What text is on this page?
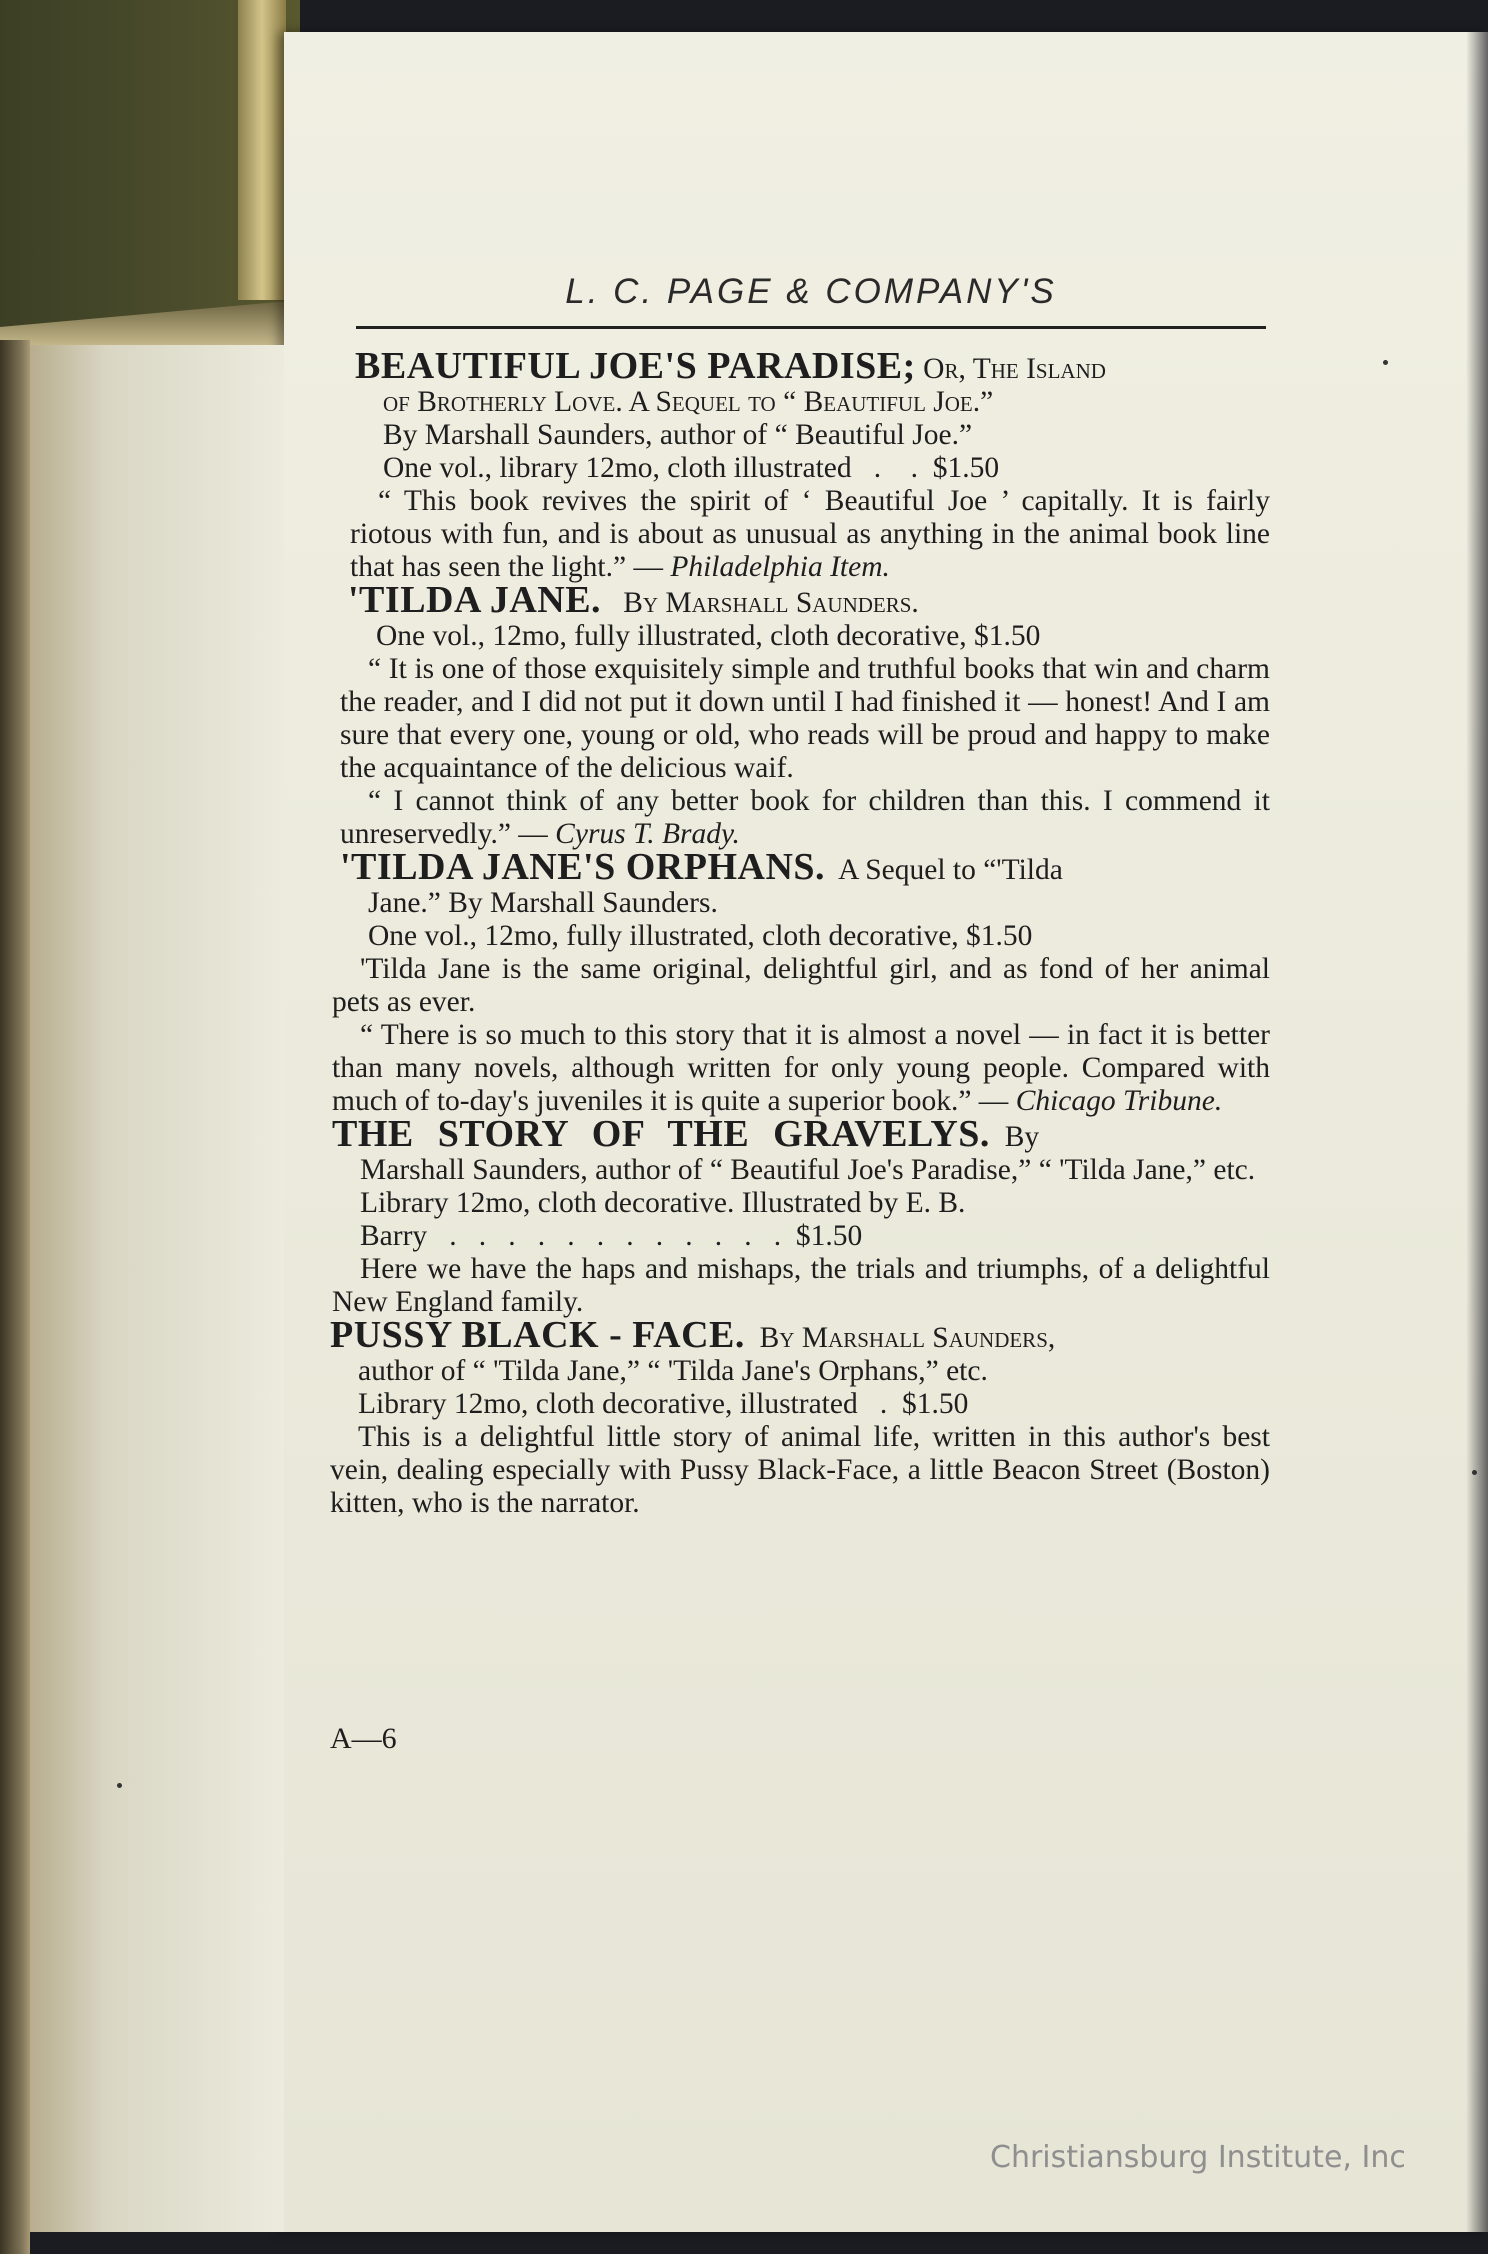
L. C. PAGE & COMPANY'S

BEAUTIFUL JOE'S PARADISE; Or, The Island

of Brotherly Love. A Sequel to “ Beautiful Joe.”

By Marshall Saunders, author of “ Beautiful Joe.”

One vol., library 12mo, cloth illustrated   .    .  $1.50

“ This book revives the spirit of ‘ Beautiful Joe ’ capitally. It is fairly riotous with fun, and is about as unusual as anything in the animal book line that has seen the light.” — Philadelphia Item.

'TILDA JANE.   By Marshall Saunders.

One vol., 12mo, fully illustrated, cloth decorative, $1.50

“ It is one of those exquisitely simple and truthful books that win and charm the reader, and I did not put it down until I had finished it — honest! And I am sure that every one, young or old, who reads will be proud and happy to make the acquaintance of the delicious waif.

“ I cannot think of any better book for children than this. I commend it unreservedly.” — Cyrus T. Brady.

'TILDA JANE'S ORPHANS.  A Sequel to “'Tilda

Jane.” By Marshall Saunders.

One vol., 12mo, fully illustrated, cloth decorative, $1.50

'Tilda Jane is the same original, delightful girl, and as fond of her animal pets as ever.

“ There is so much to this story that it is almost a novel — in fact it is better than many novels, although written for only young people. Compared with much of to-day's juveniles it is quite a superior book.” — Chicago Tribune.

THE STORY OF THE GRAVELYS.  By

Marshall Saunders, author of “ Beautiful Joe's Paradise,” “ 'Tilda Jane,” etc.

Library 12mo, cloth decorative. Illustrated by E. B.

Barry   .   .   .   .   .   .   .   .   .   .   .   .  $1.50

Here we have the haps and mishaps, the trials and triumphs, of a delightful New England family.

PUSSY BLACK - FACE.  By Marshall Saunders,

author of “ 'Tilda Jane,” “ 'Tilda Jane's Orphans,” etc.

Library 12mo, cloth decorative, illustrated   .  $1.50

This is a delightful little story of animal life, written in this author's best vein, dealing especially with Pussy Black-Face, a little Beacon Street (Boston) kitten, who is the narrator.

A—6
Christiansburg Institute, Inc
